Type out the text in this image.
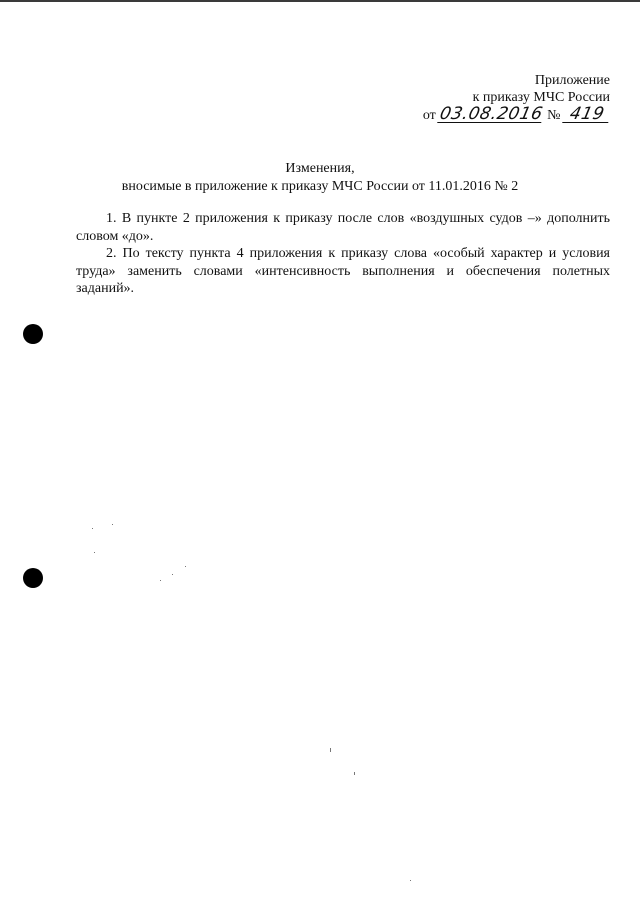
Приложение
к приказу МЧС России
от 03.08.2016 № 419
Изменения,
вносимые в приложение к приказу МЧС России от 11.01.2016 № 2

1. В пункте 2 приложения к приказу после слов «воздушных судов –» дополнить словом «до».

2. По тексту пункта 4 приложения к приказу слова «особый характер и условия труда» заменить словами «интенсивность выполнения и обеспечения полетных заданий».
